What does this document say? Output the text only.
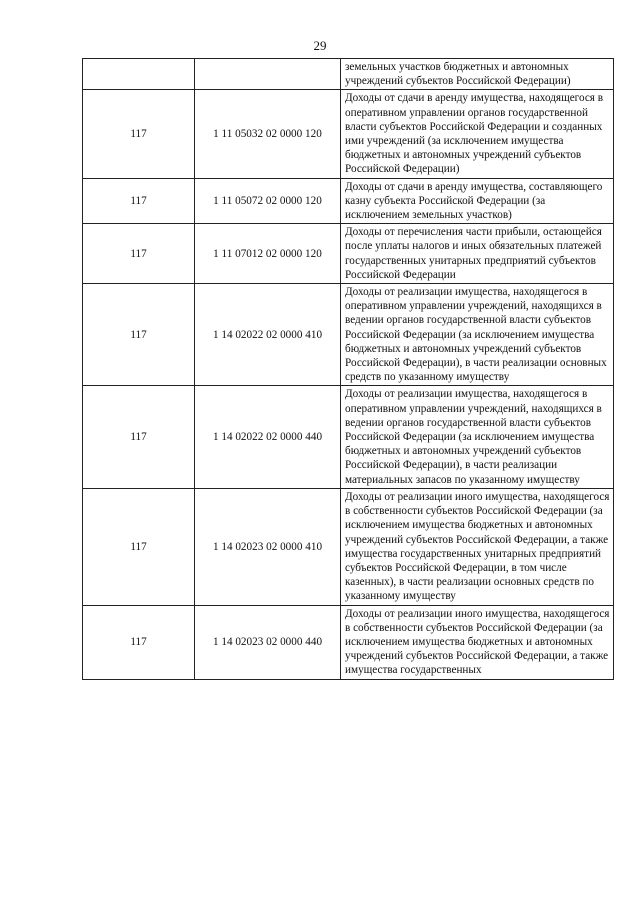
29
		земельных участков бюджетных и автономных учреждений субъектов Российской Федерации)
117	1 11 05032 02 0000 120	Доходы от сдачи в аренду имущества, находящегося в оперативном управлении органов государственной власти субъектов Российской Федерации и созданных ими учреждений (за исключением имущества бюджетных и автономных учреждений субъектов Российской Федерации)
117	1 11 05072 02 0000 120	Доходы от сдачи в аренду имущества, составляющего казну субъекта Российской Федерации (за исключением земельных участков)
117	1 11 07012 02 0000 120	Доходы от перечисления части прибыли, остающейся после уплаты налогов и иных обязательных платежей государственных унитарных предприятий субъектов Российской Федерации
117	1 14 02022 02 0000 410	Доходы от реализации имущества, находящегося в оперативном управлении учреждений, находящихся в ведении органов государственной власти субъектов Российской Федерации (за исключением имущества бюджетных и автономных учреждений субъектов Российской Федерации), в части реализации основных средств по указанному имуществу
117	1 14 02022 02 0000 440	Доходы от реализации имущества, находящегося в оперативном управлении учреждений, находящихся в ведении органов государственной власти субъектов Российской Федерации (за исключением имущества бюджетных и автономных учреждений субъектов Российской Федерации), в части реализации материальных запасов по указанному имуществу
117	1 14 02023 02 0000 410	Доходы от реализации иного имущества, находящегося в собственности субъектов Российской Федерации (за исключением имущества бюджетных и автономных учреждений субъектов Российской Федерации, а также имущества государственных унитарных предприятий субъектов Российской Федерации, в том числе казенных), в части реализации основных средств по указанному имуществу
117	1 14 02023 02 0000 440	Доходы от реализации иного имущества, находящегося в собственности субъектов Российской Федерации (за исключением имущества бюджетных и автономных учреждений субъектов Российской Федерации, а также имущества государственных
